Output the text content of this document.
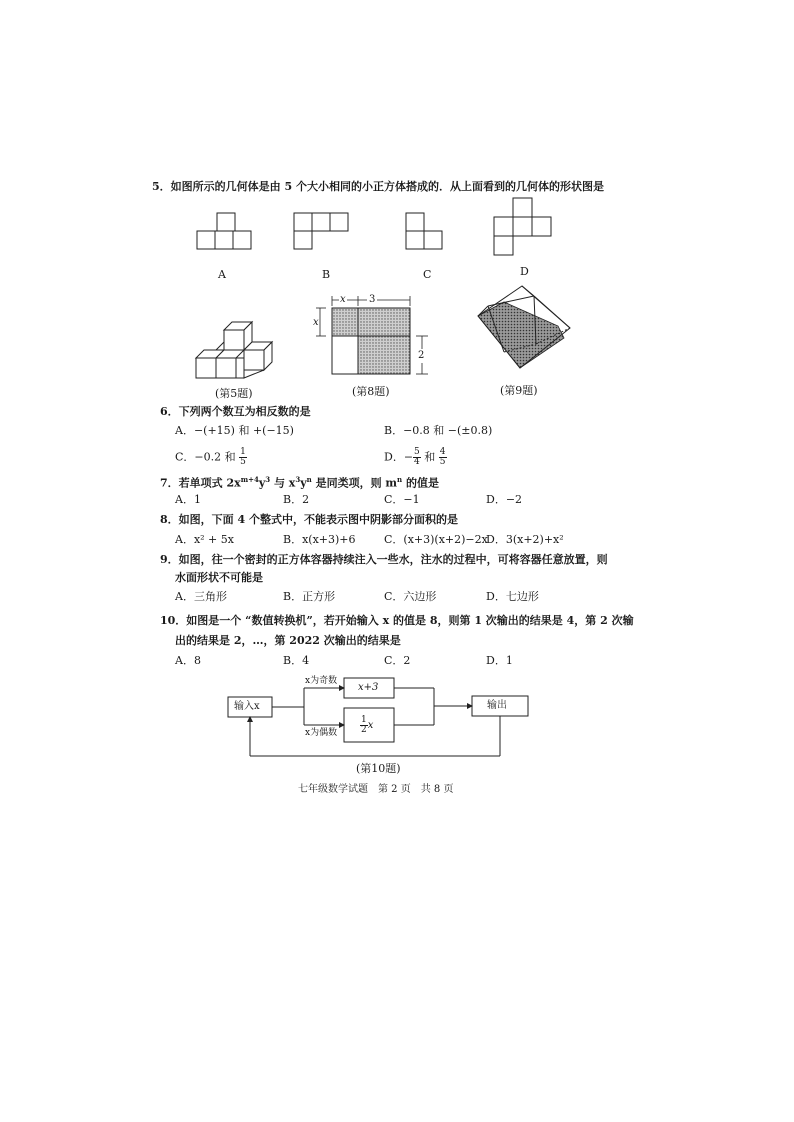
5．如图所示的几何体是由 5 个大小相同的小正方体搭成的．从上面看到的几何体的形状图是
A	B	C	D
(第5题)
x 3
x
2
(第8题)	(第9题)
6．下列两个数互为相反数的是
A．−(+15) 和 +(−15)	B．−0.8 和 −(±0.8)
C．−0.2 和 $\frac{1}{5}$	D．− $\frac{5}{4}$ 和 $\frac{4}{5}$
7．若单项式 $2x^{m+4}y^3$ 与 $x^3y^n$ 是同类项，则 $m^n$ 的值是
A．1	B．2	C．−1	D．−2
8．如图，下面 4 个整式中，不能表示图中阴影部分面积的是
A．x² + 5x	B．x(x+3)+6	C．(x+3)(x+2)−2x
D．3(x+2)+x²
9．如图，往一个密封的正方体容器持续注入一些水，注水的过程中，可将容器任意放置，则
水面形状不可能是
A．三角形	B．正方形	C．六边形	D．七边形
10．如图是一个 “数值转换机”，若开始输入 x 的值是 8，则第 1 次输出的结果是 4，第 2 次输
出的结果是 2，…，第 2022 次输出的结果是
A．8	B．4	C．2	D．1
输入x
x为奇数
x为偶数
x+3
$\frac{1}{2}$ x
输出
(第10题)
七年级数学试题　第 2 页　共 8 页
